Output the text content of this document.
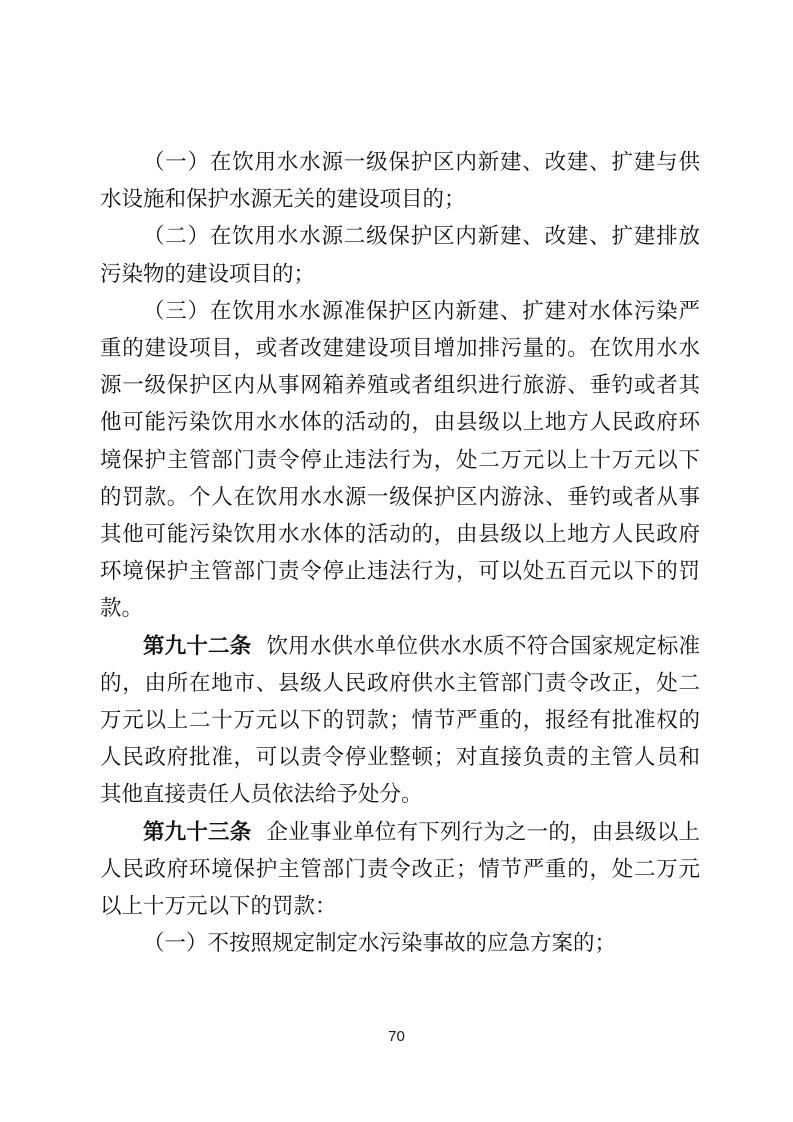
（一）在饮用水水源一级保护区内新建、改建、扩建与供水设施和保护水源无关的建设项目的；

（二）在饮用水水源二级保护区内新建、改建、扩建排放污染物的建设项目的；

（三）在饮用水水源准保护区内新建、扩建对水体污染严重的建设项目，或者改建建设项目增加排污量的。在饮用水水源一级保护区内从事网箱养殖或者组织进行旅游、垂钓或者其他可能污染饮用水水体的活动的，由县级以上地方人民政府环境保护主管部门责令停止违法行为，处二万元以上十万元以下的罚款。个人在饮用水水源一级保护区内游泳、垂钓或者从事其他可能污染饮用水水体的活动的，由县级以上地方人民政府环境保护主管部门责令停止违法行为，可以处五百元以下的罚款。

第九十二条 饮用水供水单位供水水质不符合国家规定标准的，由所在地市、县级人民政府供水主管部门责令改正，处二万元以上二十万元以下的罚款；情节严重的，报经有批准权的人民政府批准，可以责令停业整顿；对直接负责的主管人员和其他直接责任人员依法给予处分。

第九十三条 企业事业单位有下列行为之一的，由县级以上人民政府环境保护主管部门责令改正；情节严重的，处二万元以上十万元以下的罚款：

（一）不按照规定制定水污染事故的应急方案的；

70
